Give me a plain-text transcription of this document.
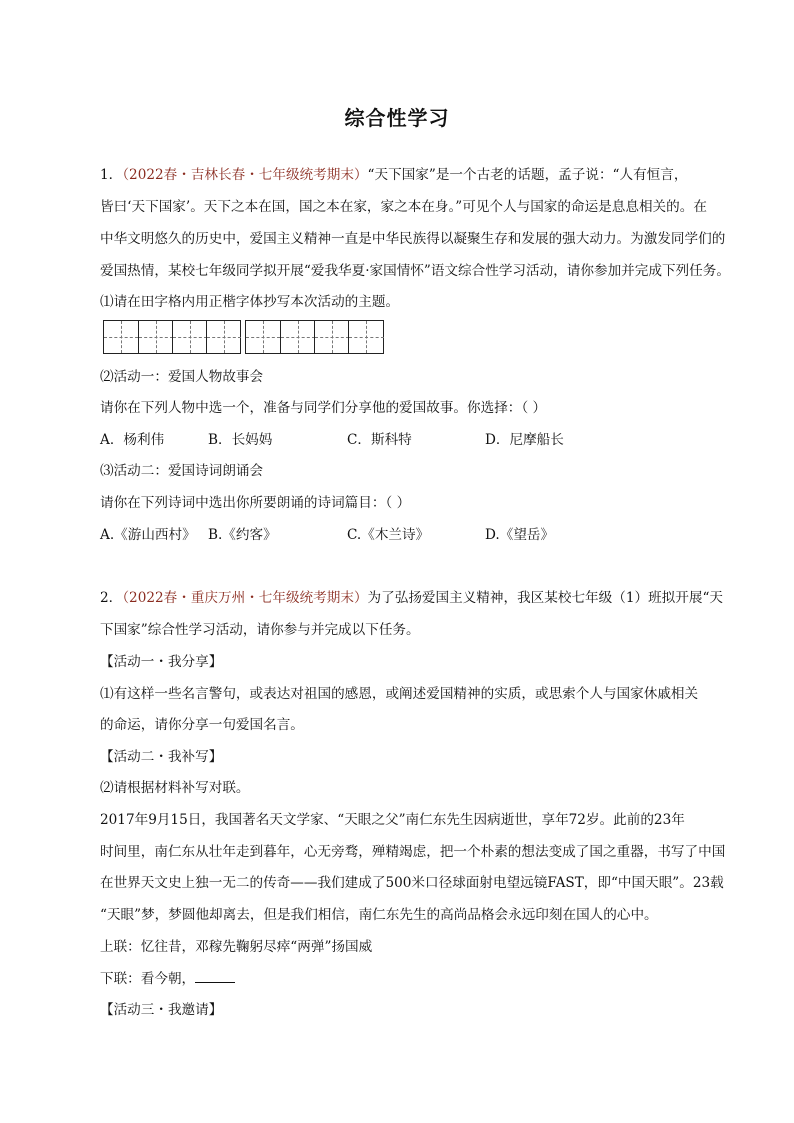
综合性学习
1．（2022春・吉林长春・七年级统考期末）“天下国家”是一个古老的话题，孟子说：“人有恒言，
皆曰‘天下国家’。天下之本在国，国之本在家，家之本在身。”可见个人与国家的命运是息息相关的。在
中华文明悠久的历史中，爱国主义精神一直是中华民族得以凝聚生存和发展的强大动力。为激发同学们的
爱国热情，某校七年级同学拟开展“爱我华夏·家国情怀”语文综合性学习活动，请你参加并完成下列任务。
⑴请在田字格内用正楷字体抄写本次活动的主题。
⑵活动一：爱国人物故事会
请你在下列人物中选一个，准备与同学们分享他的爱国故事。你选择：（ ）
A．杨利伟	B．长妈妈	C．斯科特	D．尼摩船长
⑶活动二：爱国诗词朗诵会
请你在下列诗词中选出你所要朗诵的诗词篇目：（ ）
A.《游山西村》 B.《约客》	C.《木兰诗》	D.《望岳》
2．（2022春・重庆万州・七年级统考期末）为了弘扬爱国主义精神，我区某校七年级（1）班拟开展“天
下国家”综合性学习活动，请你参与并完成以下任务。
【活动一・我分享】
⑴有这样一些名言警句，或表达对祖国的感恩，或阐述爱国精神的实质，或思索个人与国家休戚相关
的命运，请你分享一句爱国名言。
【活动二・我补写】
⑵请根据材料补写对联。
2017年9月15日，我国著名天文学家、“天眼之父”南仁东先生因病逝世，享年72岁。此前的23年
时间里，南仁东从壮年走到暮年，心无旁骛，殚精竭虑，把一个朴素的想法变成了国之重器，书写了中国
在世界天文史上独一无二的传奇——我们建成了500米口径球面射电望远镜FAST，即“中国天眼”。23载
“天眼”梦，梦圆他却离去，但是我们相信，南仁东先生的高尚品格会永远印刻在国人的心中。
上联：忆往昔，邓稼先鞠躬尽瘁“两弹”扬国威
下联：看今朝，
【活动三・我邀请】
